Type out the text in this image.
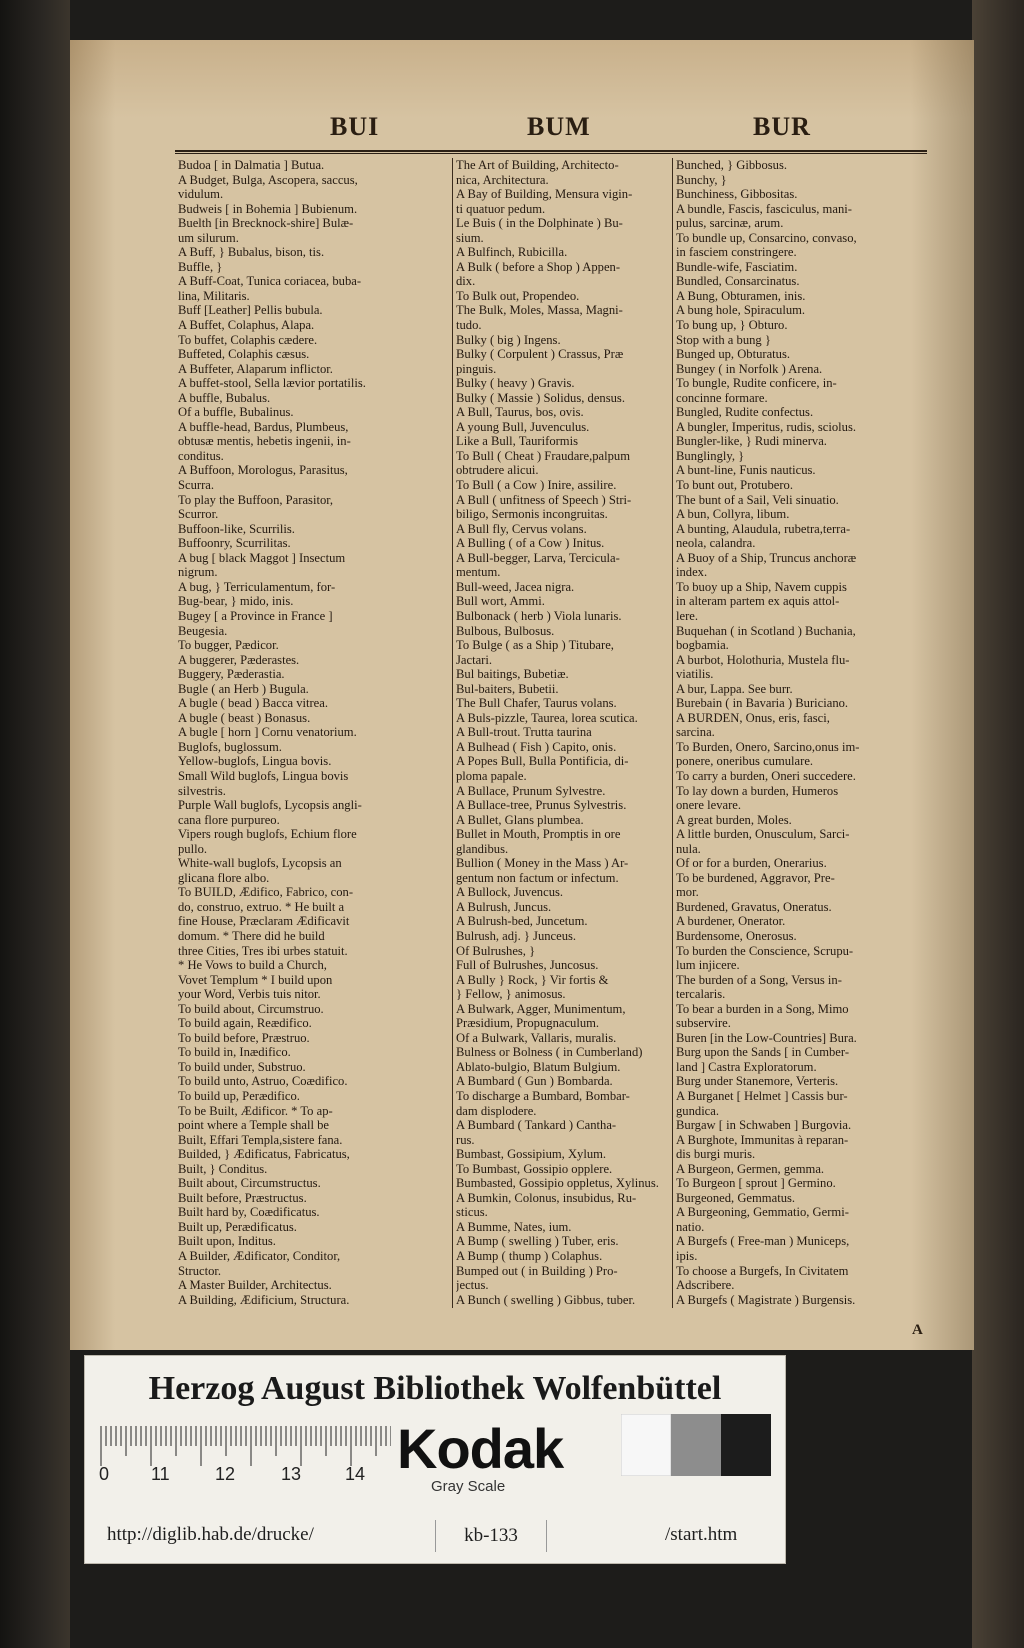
BUI	BUM	BUR
Budoa [ in Dalmatia ] Butua.
A Budget, Bulga, Ascopera, saccus,
vidulum.
Budweis [ in Bohemia ] Bubienum.
Buelth [in Brecknock-shire] Bulæ-
um silurum.
A Buff, } Bubalus, bison, tis.
Buffle, }
A Buff-Coat, Tunica coriacea, buba-
lina, Militaris.
Buff [Leather] Pellis bubula.
A Buffet, Colaphus, Alapa.
To buffet, Colaphis cædere.
Buffeted, Colaphis cæsus.
A Buffeter, Alaparum inflictor.
A buffet-stool, Sella lævior portatilis.
A buffle, Bubalus.
Of a buffle, Bubalinus.
A buffle-head, Bardus, Plumbeus,
obtusæ mentis, hebetis ingenii, in-
conditus.
A Buffoon, Morologus, Parasitus,
Scurra.
To play the Buffoon, Parasitor,
Scurror.
Buffoon-like, Scurrilis.
Buffoonry, Scurrilitas.
A bug [ black Maggot ] Insectum
nigrum.
A bug, } Terriculamentum, for-
Bug-bear, } mido, inis.
Bugey [ a Province in France ]
Beugesia.
To bugger, Pædicor.
A buggerer, Pæderastes.
Buggery, Pæderastia.
Bugle ( an Herb ) Bugula.
A bugle ( bead ) Bacca vitrea.
A bugle ( beast ) Bonasus.
A bugle [ horn ] Cornu venatorium.
Buglofs, buglossum.
Yellow-buglofs, Lingua bovis.
Small Wild buglofs, Lingua bovis
silvestris.
Purple Wall buglofs, Lycopsis angli-
cana flore purpureo.
Vipers rough buglofs, Echium flore
pullo.
White-wall buglofs, Lycopsis an
glicana flore albo.
To BUILD, Ædifico, Fabrico, con-
do, construo, extruo. * He built a
fine House, Præclaram Ædificavit
domum. * There did he build
three Cities, Tres ibi urbes statuit.
* He Vows to build a Church,
Vovet Templum * I build upon
your Word, Verbis tuis nitor.
To build about, Circumstruo.
To build again, Reædifico.
To build before, Præstruo.
To build in, Inædifico.
To build under, Substruo.
To build unto, Astruo, Coædifico.
To build up, Perædifico.
To be Built, Ædificor. * To ap-
point where a Temple shall be
Built, Effari Templa,sistere fana.
Builded, } Ædificatus, Fabricatus,
Built, } Conditus.
Built about, Circumstructus.
Built before, Præstructus.
Built hard by, Coædificatus.
Built up, Perædificatus.
Built upon, Inditus.
A Builder, Ædificator, Conditor,
Structor.
A Master Builder, Architectus.
A Building, Ædificium, Structura.
The Art of Building, Architecto-
nica, Architectura.
A Bay of Building, Mensura vigin-
ti quatuor pedum.
Le Buis ( in the Dolphinate ) Bu-
sium.
A Bulfinch, Rubicilla.
A Bulk ( before a Shop ) Appen-
dix.
To Bulk out, Propendeo.
The Bulk, Moles, Massa, Magni-
tudo.
Bulky ( big ) Ingens.
Bulky ( Corpulent ) Crassus, Præ
pinguis.
Bulky ( heavy ) Gravis.
Bulky ( Massie ) Solidus, densus.
A Bull, Taurus, bos, ovis.
A young Bull, Juvenculus.
Like a Bull, Tauriformis
To Bull ( Cheat ) Fraudare,palpum
obtrudere alicui.
To Bull ( a Cow ) Inire, assilire.
A Bull ( unfitness of Speech ) Stri-
biligo, Sermonis incongruitas.
A Bull fly, Cervus volans.
A Bulling ( of a Cow ) Initus.
A Bull-begger, Larva, Tercicula-
mentum.
Bull-weed, Jacea nigra.
Bull wort, Ammi.
Bulbonack ( herb ) Viola lunaris.
Bulbous, Bulbosus.
To Bulge ( as a Ship ) Titubare,
Jactari.
Bul baitings, Bubetiæ.
Bul-baiters, Bubetii.
The Bull Chafer, Taurus volans.
A Buls-pizzle, Taurea, lorea scutica.
A Bull-trout. Trutta taurina
A Bulhead ( Fish ) Capito, onis.
A Popes Bull, Bulla Pontificia, di-
ploma papale.
A Bullace, Prunum Sylvestre.
A Bullace-tree, Prunus Sylvestris.
A Bullet, Glans plumbea.
Bullet in Mouth, Promptis in ore
glandibus.
Bullion ( Money in the Mass ) Ar-
gentum non factum or infectum.
A Bullock, Juvencus.
A Bulrush, Juncus.
A Bulrush-bed, Juncetum.
Bulrush, adj. } Junceus.
Of Bulrushes, }
Full of Bulrushes, Juncosus.
A Bully } Rock, } Vir fortis &
} Fellow, } animosus.
A Bulwark, Agger, Munimentum,
Præsidium, Propugnaculum.
Of a Bulwark, Vallaris, muralis.
Bulness or Bolness ( in Cumberland)
Ablato-bulgio, Blatum Bulgium.
A Bumbard ( Gun ) Bombarda.
To discharge a Bumbard, Bombar-
dam displodere.
A Bumbard ( Tankard ) Cantha-
rus.
Bumbast, Gossipium, Xylum.
To Bumbast, Gossipio opplere.
Bumbasted, Gossipio oppletus, Xylinus.
A Bumkin, Colonus, insubidus, Ru-
sticus.
A Bumme, Nates, ium.
A Bump ( swelling ) Tuber, eris.
A Bump ( thump ) Colaphus.
Bumped out ( in Building ) Pro-
jectus.
A Bunch ( swelling ) Gibbus, tuber.
Bunched, } Gibbosus.
Bunchy, }
Bunchiness, Gibbositas.
A bundle, Fascis, fasciculus, mani-
pulus, sarcinæ, arum.
To bundle up, Consarcino, convaso,
in fasciem constringere.
Bundle-wife, Fasciatim.
Bundled, Consarcinatus.
A Bung, Obturamen, inis.
A bung hole, Spiraculum.
To bung up, } Obturo.
Stop with a bung }
Bunged up, Obturatus.
Bungey ( in Norfolk ) Arena.
To bungle, Rudite conficere, in-
concinne formare.
Bungled, Rudite confectus.
A bungler, Imperitus, rudis, sciolus.
Bungler-like, } Rudi minerva.
Bunglingly, }
A bunt-line, Funis nauticus.
To bunt out, Protubero.
The bunt of a Sail, Veli sinuatio.
A bun, Collyra, libum.
A bunting, Alaudula, rubetra,terra-
neola, calandra.
A Buoy of a Ship, Truncus anchoræ
index.
To buoy up a Ship, Navem cuppis
in alteram partem ex aquis attol-
lere.
Buquehan ( in Scotland ) Buchania,
bogbamia.
A burbot, Holothuria, Mustela flu-
viatilis.
A bur, Lappa. See burr.
Burebain ( in Bavaria ) Buriciano.
A BURDEN, Onus, eris, fasci,
sarcina.
To Burden, Onero, Sarcino,onus im-
ponere, oneribus cumulare.
To carry a burden, Oneri succedere.
To lay down a burden, Humeros
onere levare.
A great burden, Moles.
A little burden, Onusculum, Sarci-
nula.
Of or for a burden, Onerarius.
To be burdened, Aggravor, Pre-
mor.
Burdened, Gravatus, Oneratus.
A burdener, Onerator.
Burdensome, Onerosus.
To burden the Conscience, Scrupu-
lum injicere.
The burden of a Song, Versus in-
tercalaris.
To bear a burden in a Song, Mimo
subservire.
Buren [in the Low-Countries] Bura.
Burg upon the Sands [ in Cumber-
land ] Castra Exploratorum.
Burg under Stanemore, Verteris.
A Burganet [ Helmet ] Cassis bur-
gundica.
Burgaw [ in Schwaben ] Burgovia.
A Burghote, Immunitas à reparan-
dis burgi muris.
A Burgeon, Germen, gemma.
To Burgeon [ sprout ] Germino.
Burgeoned, Gemmatus.
A Burgeoning, Gemmatio, Germi-
natio.
A Burgefs ( Free-man ) Municeps,
ipis.
To choose a Burgefs, In Civitatem
Adscribere.
A Burgefs ( Magistrate ) Burgensis.
A
Herzog August Bibliothek Wolfenbüttel
0 11	12	13 14 Kodak
Gray Scale
http://diglib.hab.de/drucke/	kb-133	/start.htm
